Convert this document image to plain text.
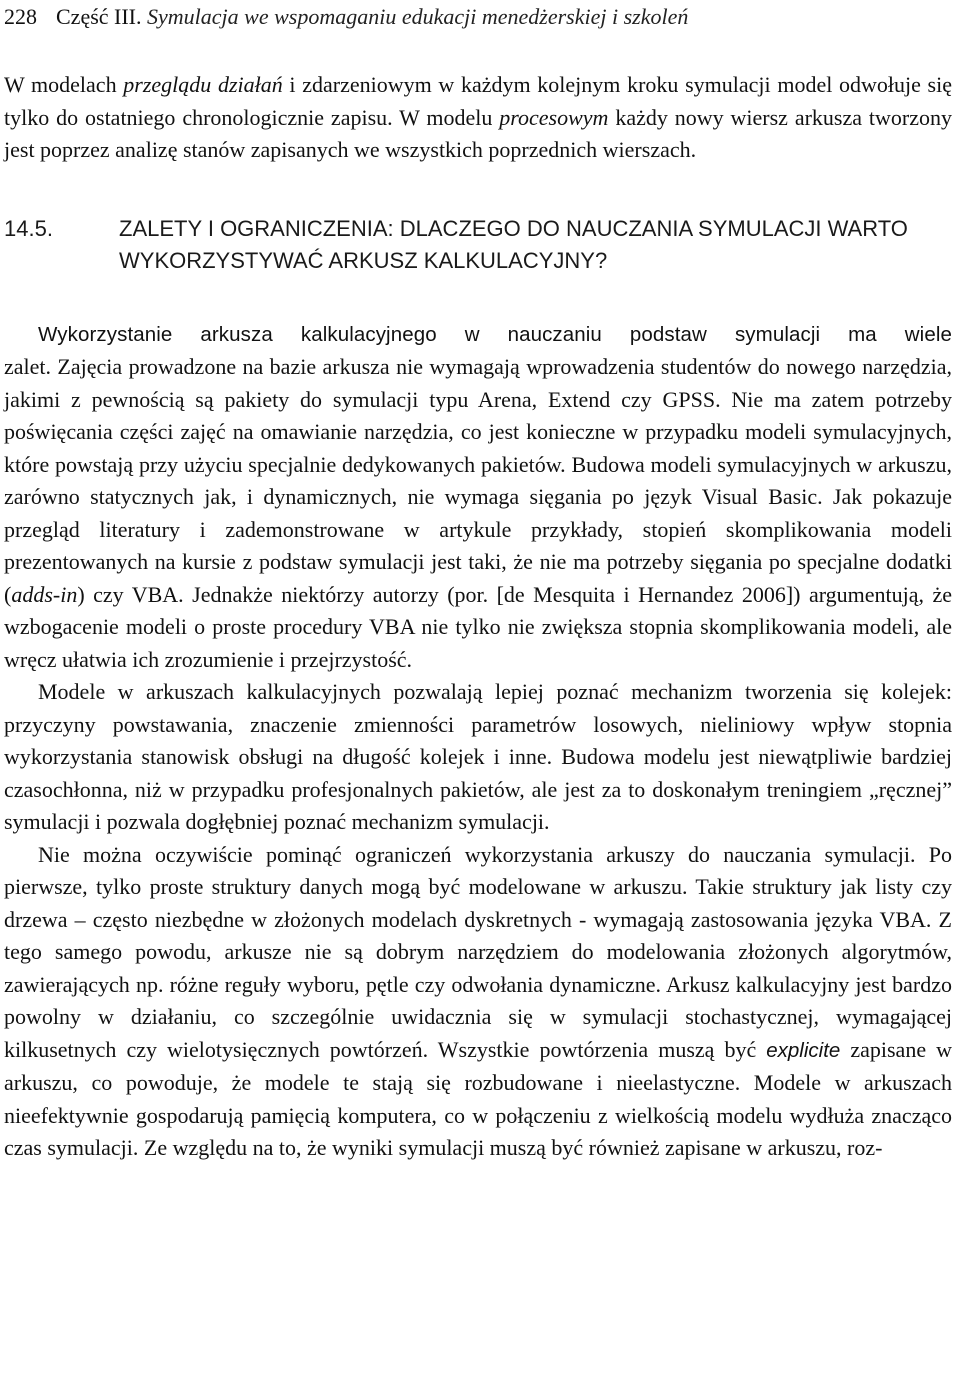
228 Część III. Symulacja we wspomaganiu edukacji menedżerskiej i szkoleń

W modelach przeglądu działań i zdarzeniowym w każdym kolejnym kroku symulacji model odwołuje się tylko do ostatniego chronologicznie zapisu. W modelu procesowym każdy nowy wiersz arkusza tworzony jest poprzez analizę stanów zapisanych we wszystkich poprzednich wierszach.

14.5.	ZALETY I OGRANICZENIA: DLACZEGO DO NAUCZANIA SYMULACJI WARTO WYKORZYSTYWAĆ ARKUSZ KALKULACYJNY?

Wykorzystanie arkusza kalkulacyjnego w nauczaniu podstaw symulacji ma wiele

zalet. Zajęcia prowadzone na bazie arkusza nie wymagają wprowadzenia studentów do nowego narzędzia, jakimi z pewnością są pakiety do symulacji typu Arena, Extend czy GPSS. Nie ma zatem potrzeby poświęcania części zajęć na omawianie narzędzia, co jest konieczne w przypadku modeli symulacyjnych, które powstają przy użyciu specjalnie dedykowanych pakietów. Budowa modeli symulacyjnych w arkuszu, zarówno statycznych jak, i dynamicznych, nie wymaga sięgania po język Visual Basic. Jak pokazuje przegląd literatury i zademonstrowane w artykule przykłady, stopień skomplikowania modeli prezentowanych na kursie z podstaw symulacji jest taki, że nie ma potrzeby sięgania po specjalne dodatki (adds-in) czy VBA. Jednakże niektórzy autorzy (por. [de Mesquita i Hernandez 2006]) argumentują, że wzbogacenie modeli o proste procedury VBA nie tylko nie zwiększa stopnia skomplikowania modeli, ale wręcz ułatwia ich zrozumienie i przejrzystość.

Modele w arkuszach kalkulacyjnych pozwalają lepiej poznać mechanizm tworzenia się kolejek: przyczyny powstawania, znaczenie zmienności parametrów losowych, nieliniowy wpływ stopnia wykorzystania stanowisk obsługi na długość kolejek i inne. Budowa modelu jest niewątpliwie bardziej czasochłonna, niż w przypadku profesjonalnych pakietów, ale jest za to doskonałym treningiem „ręcznej” symulacji i pozwala dogłębniej poznać mechanizm symulacji.

Nie można oczywiście pominąć ograniczeń wykorzystania arkuszy do nauczania symulacji. Po pierwsze, tylko proste struktury danych mogą być modelowane w arkuszu. Takie struktury jak listy czy drzewa – często niezbędne w złożonych modelach dyskretnych - wymagają zastosowania języka VBA. Z tego samego powodu, arkusze nie są dobrym narzędziem do modelowania złożonych algorytmów, zawierających np. różne reguły wyboru, pętle czy odwołania dynamiczne. Arkusz kalkulacyjny jest bardzo powolny w działaniu, co szczególnie uwidacznia się w symulacji stochastycznej, wymagającej kilkusetnych czy wielotysięcznych powtórzeń. Wszystkie powtórzenia muszą być explicite zapisane w arkuszu, co powoduje, że modele te stają się rozbudowane i nieelastyczne. Modele w arkuszach nieefektywnie gospodarują pamięcią komputera, co w połączeniu z wielkością modelu wydłuża znacząco czas symulacji. Ze względu na to, że wyniki symulacji muszą być również zapisane w arkuszu, roz-
